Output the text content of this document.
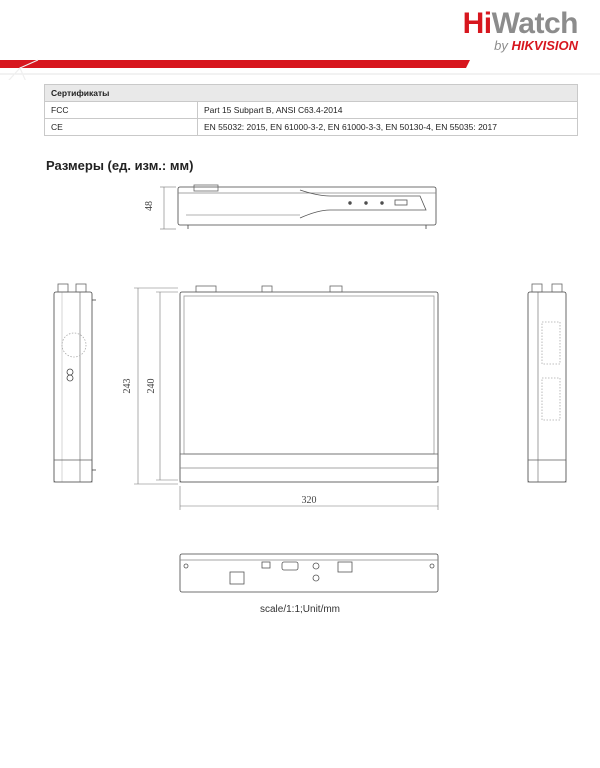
HiWatch
by HIKVISION
Сертификаты	
FCC	Part 15 Subpart B, ANSI C63.4-2014
CE	EN 55032: 2015, EN 61000-3-2, EN 61000-3-3, EN 50130-4, EN 55035: 2017
Размеры (ед. изм.: мм)
48
243 240
320
scale/1:1;Unit/mm
